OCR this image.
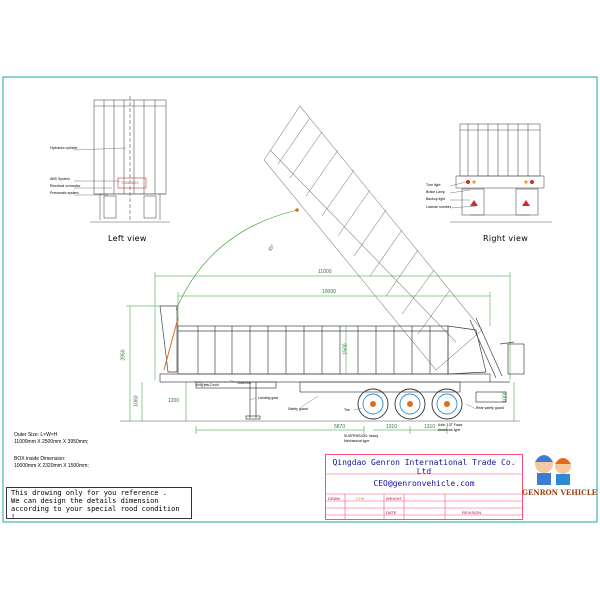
Left view	Right view
Hydraulic cylinder
ABS System
Electrical connector
Pneumatic system
TOOL BOX	Turn light
Brake Lamp
Backup light
License number
11000
10000
3950
1500
1060	1200
5870	1310	1310
45°
1000
King pin 2 inch	Tool box
Landing gear
Safety guard	Tire
SUSPENSION: heavy
Mechanical type
Axle: 13T Fuwa
American type
Rear safety guard
Outer Size: L×W×H
11000mm X 2500mm X 3950mm;
BOX inside Dimension:
10000mm X 2320mm X 1500mm;
This drowing only for you reference .
We can design the details dimension
according to your special rood condition !
Qingdao Genron International Trade Co. Ltd
CEO@genronvehicle.com
DRAW	CHK	WEIGHT
DATE	REVISION
GENRON VEHICLE
